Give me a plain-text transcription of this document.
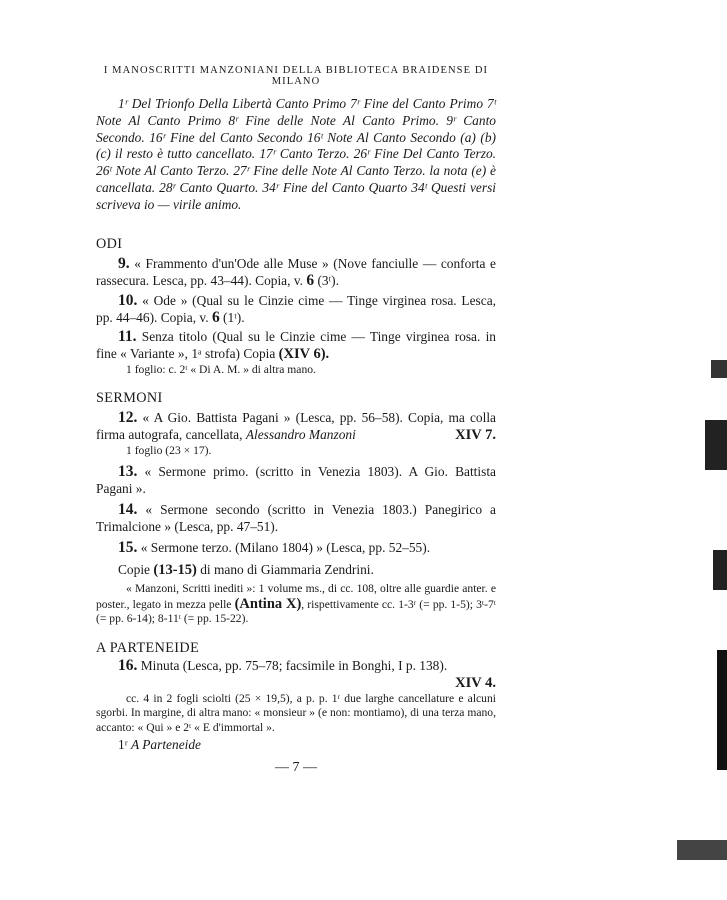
I MANOSCRITTI MANZONIANI DELLA BIBLIOTECA BRAIDENSE DI MILANO

1ʳ Del Trionfo Della Libertà Canto Primo 7ʳ Fine del Canto Primo 7ᵗ Note Al Canto Primo 8ʳ Fine delle Note Al Canto Primo. 9ʳ Canto Secondo. 16ʳ Fine del Canto Secondo 16ᵗ Note Al Canto Secondo (a) (b) (c) il resto è tutto cancellato. 17ʳ Canto Terzo. 26ʳ Fine Del Canto Terzo. 26ᵗ Note Al Canto Terzo. 27ʳ Fine delle Note Al Canto Terzo. la nota (e) è cancellata. 28ʳ Canto Quarto. 34ʳ Fine del Canto Quarto 34ᵗ Questi versi scriveva io — virile animo.

ODI

9. « Frammento d'un'Ode alle Muse » (Nove fanciulle — conforta e rassecura. Lesca, pp. 43–44). Copia, v. 6 (3ᵗ).

10. « Ode » (Qual su le Cinzie cime — Tinge virginea rosa. Lesca, pp. 44–46). Copia, v. 6 (1ᵗ).

11. Senza titolo (Qual su le Cinzie cime — Tinge virginea rosa. in fine « Variante », 1ᵃ strofa) Copia (XIV 6).

1 foglio: c. 2ᵗ « Di A. M. » di altra mano.

SERMONI

12. « A Gio. Battista Pagani » (Lesca, pp. 56–58). Copia, ma colla firma autografa, cancellata, Alessandro Manzoni	XIV 7.

1 foglio (23 × 17).

13. « Sermone primo. (scritto in Venezia 1803). A Gio. Battista Pagani ».

14. « Sermone secondo (scritto in Venezia 1803.) Panegirico a Trimalcione » (Lesca, pp. 47–51).

15. « Sermone terzo. (Milano 1804) » (Lesca, pp. 52–55).

Copie (13-15) di mano di Giammaria Zendrini.

« Manzoni, Scritti inediti »: 1 volume ms., di cc. 108, oltre alle guardie anter. e poster., legato in mezza pelle (Antina X), rispettivamente cc. 1-3ʳ (= pp. 1-5); 3ᵗ-7ᵗ (= pp. 6-14); 8-11ᵗ (= pp. 15-22).

A PARTENEIDE

16. Minuta (Lesca, pp. 75–78; facsimile in Bonghi, I p. 138).

XIV 4.

cc. 4 in 2 fogli sciolti (25 × 19,5), a p. p. 1ʳ due larghe cancellature e alcuni sgorbi. In margine, di altra mano: « monsieur » (e non: montiamo), di una terza mano, accanto: « Qui » e 2ᵗ « E d'immortal ».

1ʳ A Parteneide

— 7 —
